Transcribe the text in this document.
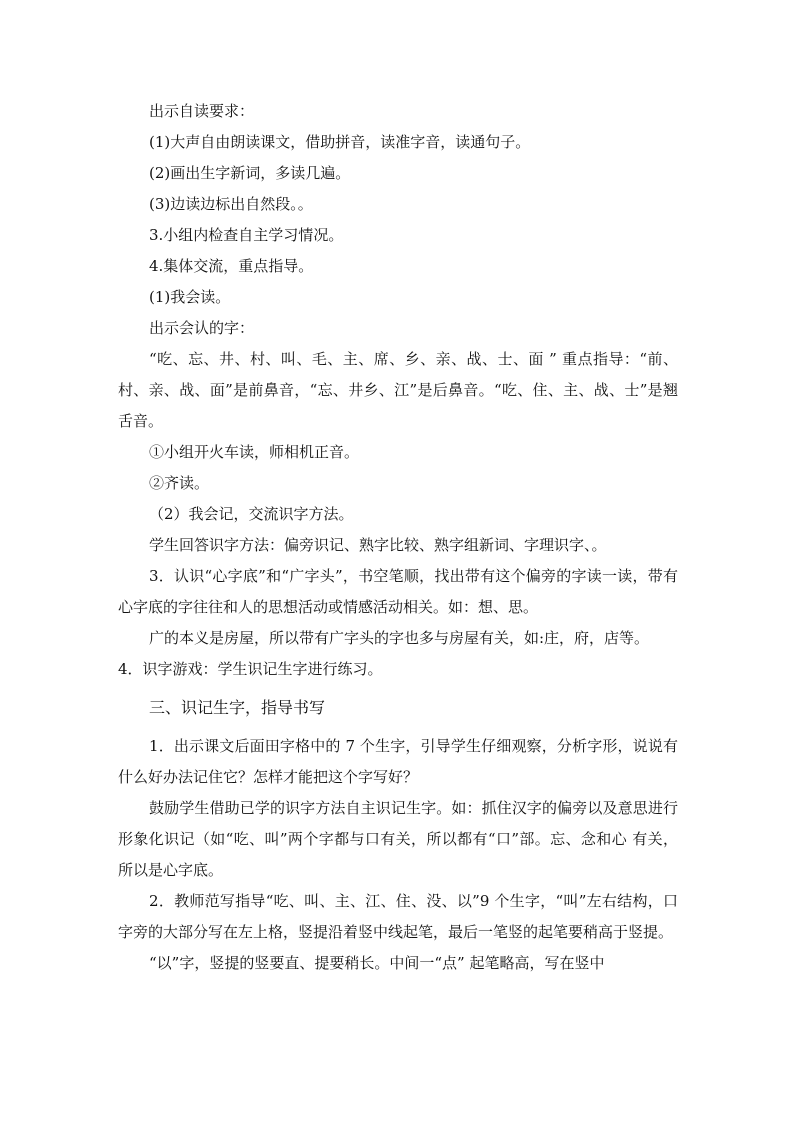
出示自读要求：

(1)大声自由朗读课文，借助拼音，读准字音，读通句子。

(2)画出生字新词，多读几遍。

(3)边读边标出自然段。。

3.小组内检查自主学习情况。

4.集体交流，重点指导。

(1)我会读。

出示会认的字：

“吃、忘、井、村、叫、毛、主、席、乡、亲、战、士、面 ” 重点指导：“前、村、亲、战、面”是前鼻音，“忘、井乡、江”是后鼻音。“吃、住、主、战、士”是翘舌音。

①小组开火车读，师相机正音。

②齐读。

（2）我会记，交流识字方法。

学生回答识字方法：偏旁识记、熟字比较、熟字组新词、字理识字、。

3．认识“心字底”和“广字头”，书空笔顺，找出带有这个偏旁的字读一读，带有心字底的字往往和人的思想活动或情感活动相关。如：想、思。

广的本义是房屋，所以带有广字头的字也多与房屋有关，如:庄，府，店等。

4．识字游戏：学生识记生字进行练习。

三、识记生字，指导书写

1．出示课文后面田字格中的 7 个生字，引导学生仔细观察，分析字形，说说有什么好办法记住它？怎样才能把这个字写好？

鼓励学生借助已学的识字方法自主识记生字。如：抓住汉字的偏旁以及意思进行形象化识记（如“吃、叫”两个字都与口有关，所以都有“口”部。忘、念和心 有关，所以是心字底。

2．教师范写指导“吃、叫、主、江、住、没、以”9 个生字，“叫”左右结构，口字旁的大部分写在左上格，竖提沿着竖中线起笔，最后一笔竖的起笔要稍高于竖提。

“以”字，竖提的竖要直、提要稍长。中间一“点” 起笔略高，写在竖中
